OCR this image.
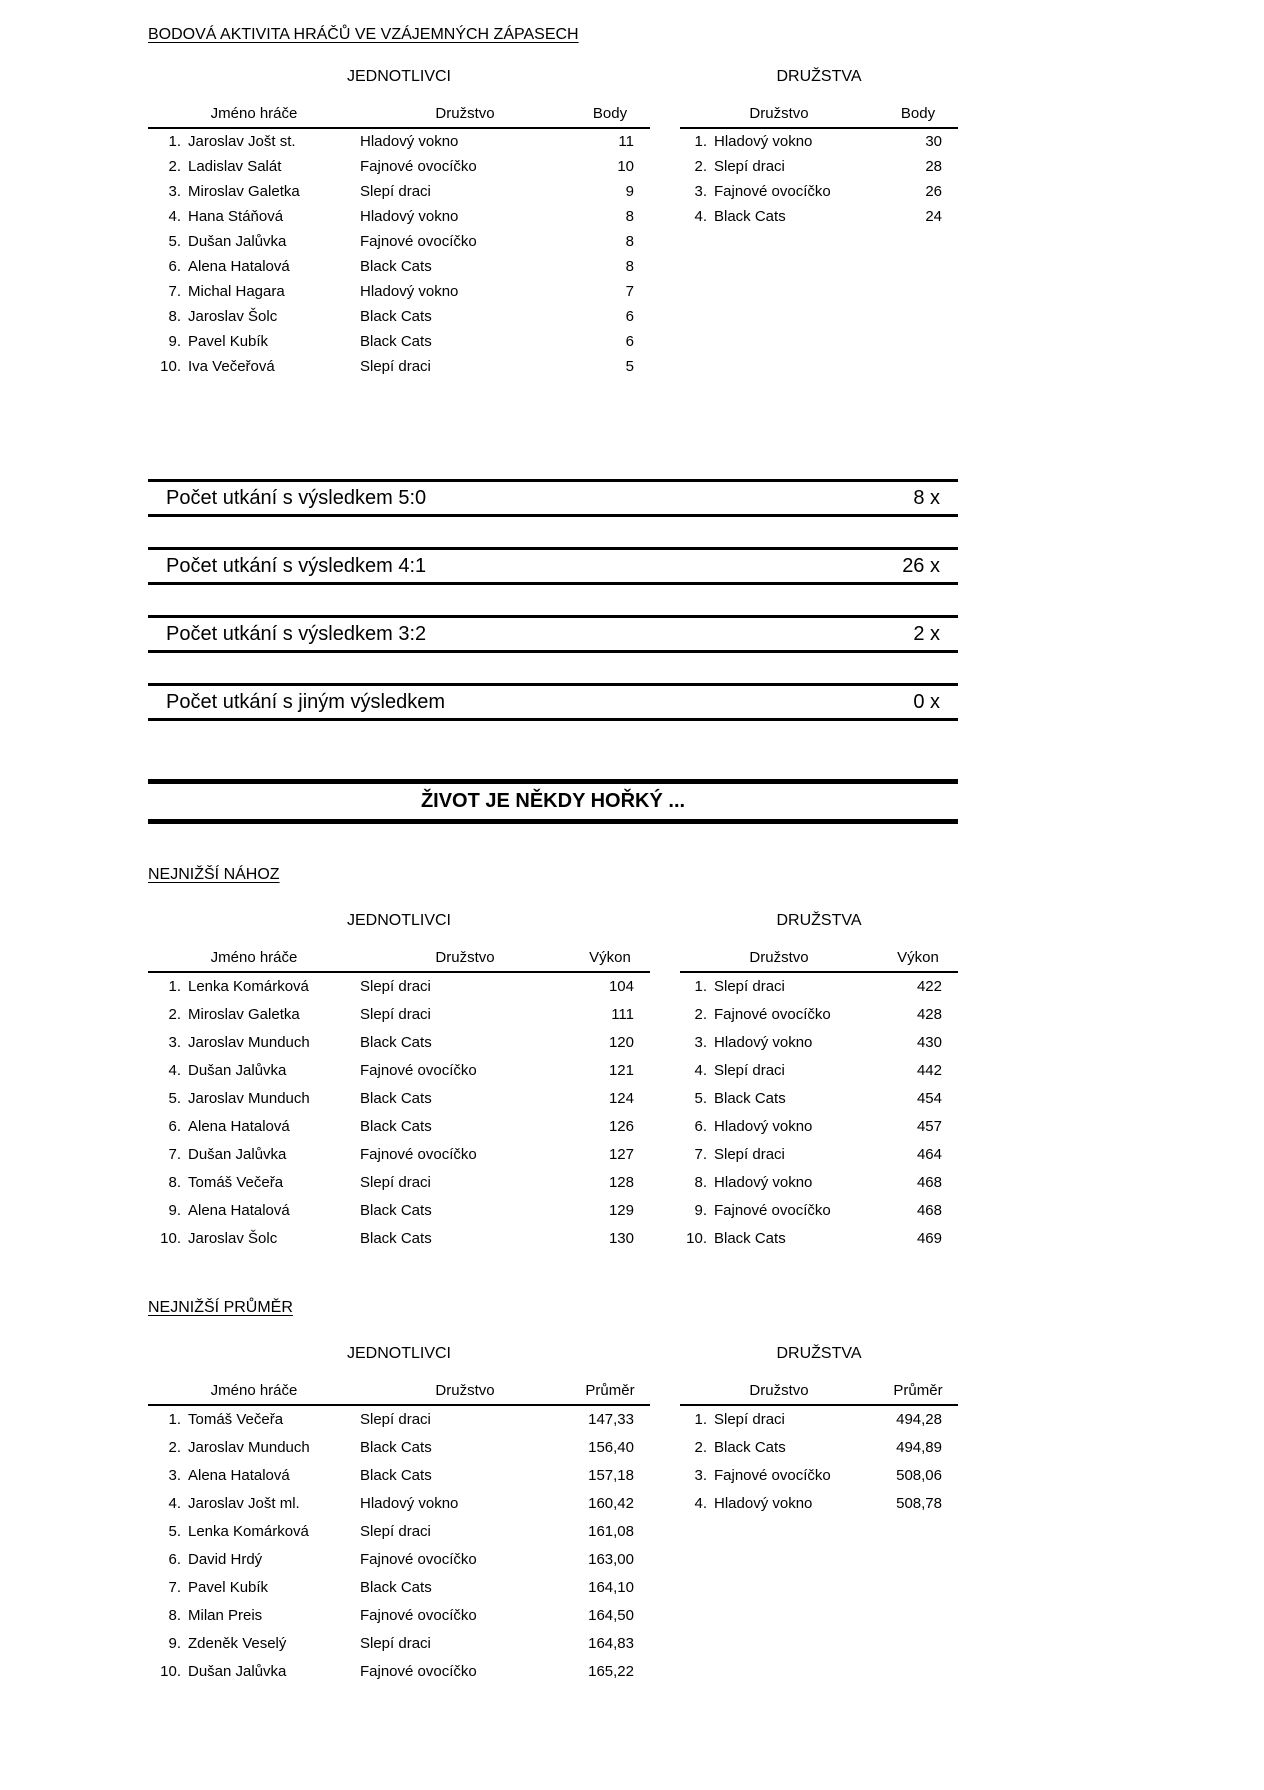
BODOVÁ AKTIVITA HRÁČŮ VE VZÁJEMNÝCH ZÁPASECH
JEDNOTLIVCI
Jméno hráče	Družstvo	Body
1. Jaroslav Jošt st.	Hladový vokno	11
2. Ladislav Salát	Fajnové ovocíčko	10
3. Miroslav Galetka	Slepí draci	9
4. Hana Stáňová	Hladový vokno	8
5. Dušan Jalůvka	Fajnové ovocíčko	8
6. Alena Hatalová	Black Cats	8
7. Michal Hagara	Hladový vokno	7
8. Jaroslav Šolc	Black Cats	6
9. Pavel Kubík	Black Cats	6
10. Iva Večeřová	Slepí draci	5
DRUŽSTVA
Družstvo	Body
1. Hladový vokno	30
2. Slepí draci	28
3. Fajnové ovocíčko	26
4. Black Cats	24
Počet utkání s výsledkem 5:0	8 x
Počet utkání s výsledkem 4:1	26 x
Počet utkání s výsledkem 3:2	2 x
Počet utkání s jiným výsledkem	0 x
ŽIVOT JE NĚKDY HOŘKÝ ...
NEJNIŽŠÍ NÁHOZ
JEDNOTLIVCI
Jméno hráče	Družstvo	Výkon
1. Lenka Komárková	Slepí draci	104
2. Miroslav Galetka	Slepí draci	111
3. Jaroslav Munduch	Black Cats	120
4. Dušan Jalůvka	Fajnové ovocíčko	121
5. Jaroslav Munduch	Black Cats	124
6. Alena Hatalová	Black Cats	126
7. Dušan Jalůvka	Fajnové ovocíčko	127
8. Tomáš Večeřa	Slepí draci	128
9. Alena Hatalová	Black Cats	129
10. Jaroslav Šolc	Black Cats	130
DRUŽSTVA
Družstvo	Výkon
1. Slepí draci	422
2. Fajnové ovocíčko	428
3. Hladový vokno	430
4. Slepí draci	442
5. Black Cats	454
6. Hladový vokno	457
7. Slepí draci	464
8. Hladový vokno	468
9. Fajnové ovocíčko	468
10. Black Cats	469
NEJNIŽŠÍ PRŮMĚR
JEDNOTLIVCI
Jméno hráče	Družstvo	Průměr
1. Tomáš Večeřa	Slepí draci	147,33
2. Jaroslav Munduch	Black Cats	156,40
3. Alena Hatalová	Black Cats	157,18
4. Jaroslav Jošt ml.	Hladový vokno	160,42
5. Lenka Komárková	Slepí draci	161,08
6. David Hrdý	Fajnové ovocíčko	163,00
7. Pavel Kubík	Black Cats	164,10
8. Milan Preis	Fajnové ovocíčko	164,50
9. Zdeněk Veselý	Slepí draci	164,83
10. Dušan Jalůvka	Fajnové ovocíčko	165,22
DRUŽSTVA
Družstvo	Průměr
1. Slepí draci	494,28
2. Black Cats	494,89
3. Fajnové ovocíčko	508,06
4. Hladový vokno	508,78
